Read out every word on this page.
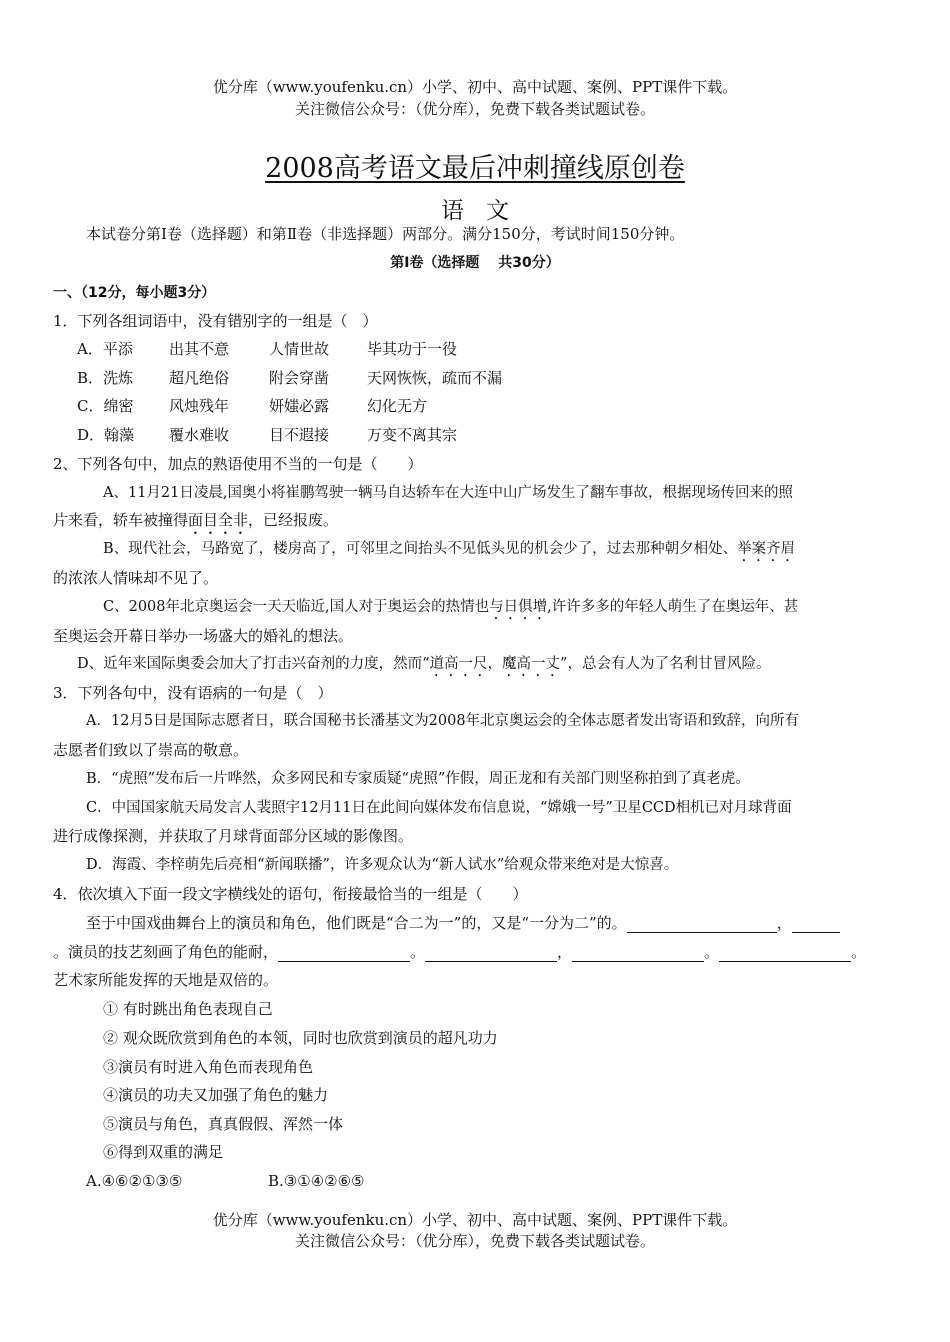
优分库（www.youfenku.cn）小学、初中、高中试题、案例、PPT课件下载。
关注微信公众号：（优分库），免费下载各类试题试卷。
2008高考语文最后冲刺撞线原创卷
语文
本试卷分第Ⅰ卷（选择题）和第Ⅱ卷（非选择题）两部分。满分150分，考试时间150分钟。
第Ⅰ卷（选择题　 共30分）
一、（12分，每小题3分）
1．下列各组词语中，没有错别字的一组是（　）
A．平添 出其不意	人情世故	毕其功于一役
B．洗炼 超凡绝俗	附会穿凿	天网恢恢，疏而不漏
C．绵密 风烛残年	妍媸必露	幻化无方
D．翰藻 覆水难收	目不遐接	万变不离其宗
2、下列各句中，加点的熟语使用不当的一句是（　　）
A、11月21日凌晨,国奥小将崔鹏驾驶一辆马自达轿车在大连中山广场发生了翻车事故，根据现场传回来的照
片来看，轿车被撞得面目全非，已经报废。
B、现代社会，马路宽了，楼房高了，可邻里之间抬头不见低头见的机会少了，过去那种朝夕相处、举案齐眉
的浓浓人情味却不见了。
C、2008年北京奥运会一天天临近,国人对于奥运会的热情也与日俱增,许许多多的年轻人萌生了在奥运年、甚
至奥运会开幕日举办一场盛大的婚礼的想法。
D、近年来国际奥委会加大了打击兴奋剂的力度，然而“道高一尺，魔高一丈”，总会有人为了名利甘冒风险。
3．下列各句中，没有语病的一句是（　）
A．12月5日是国际志愿者日，联合国秘书长潘基文为2008年北京奥运会的全体志愿者发出寄语和致辞，向所有
志愿者们致以了崇高的敬意。
B．“虎照”发布后一片哗然，众多网民和专家质疑“虎照”作假，周正龙和有关部门则坚称拍到了真老虎。
C．中国国家航天局发言人裴照宇12月11日在此间向媒体发布信息说，“嫦娥一号”卫星CCD相机已对月球背面
进行成像探测，并获取了月球背面部分区域的影像图。
D．海霞、李梓萌先后亮相“新闻联播”，许多观众认为“新人试水”给观众带来绝对是大惊喜。
4．依次填入下面一段文字横线处的语句，衔接最恰当的一组是（　　）
至于中国戏曲舞台上的演员和角色，他们既是“合二为一”的，又是“一分为二”的。	，
。演员的技艺刻画了角色的能耐，	。	，	。	。
艺术家所能发挥的天地是双倍的。
① 有时跳出角色表现自己
② 观众既欣赏到角色的本领，同时也欣赏到演员的超凡功力
③演员有时进入角色而表现角色
④演员的功夫又加强了角色的魅力
⑤演员与角色，真真假假、浑然一体
⑥得到双重的满足
A.④⑥②①③⑤	B.③①④②⑥⑤
优分库（www.youfenku.cn）小学、初中、高中试题、案例、PPT课件下载。
关注微信公众号：（优分库），免费下载各类试题试卷。
